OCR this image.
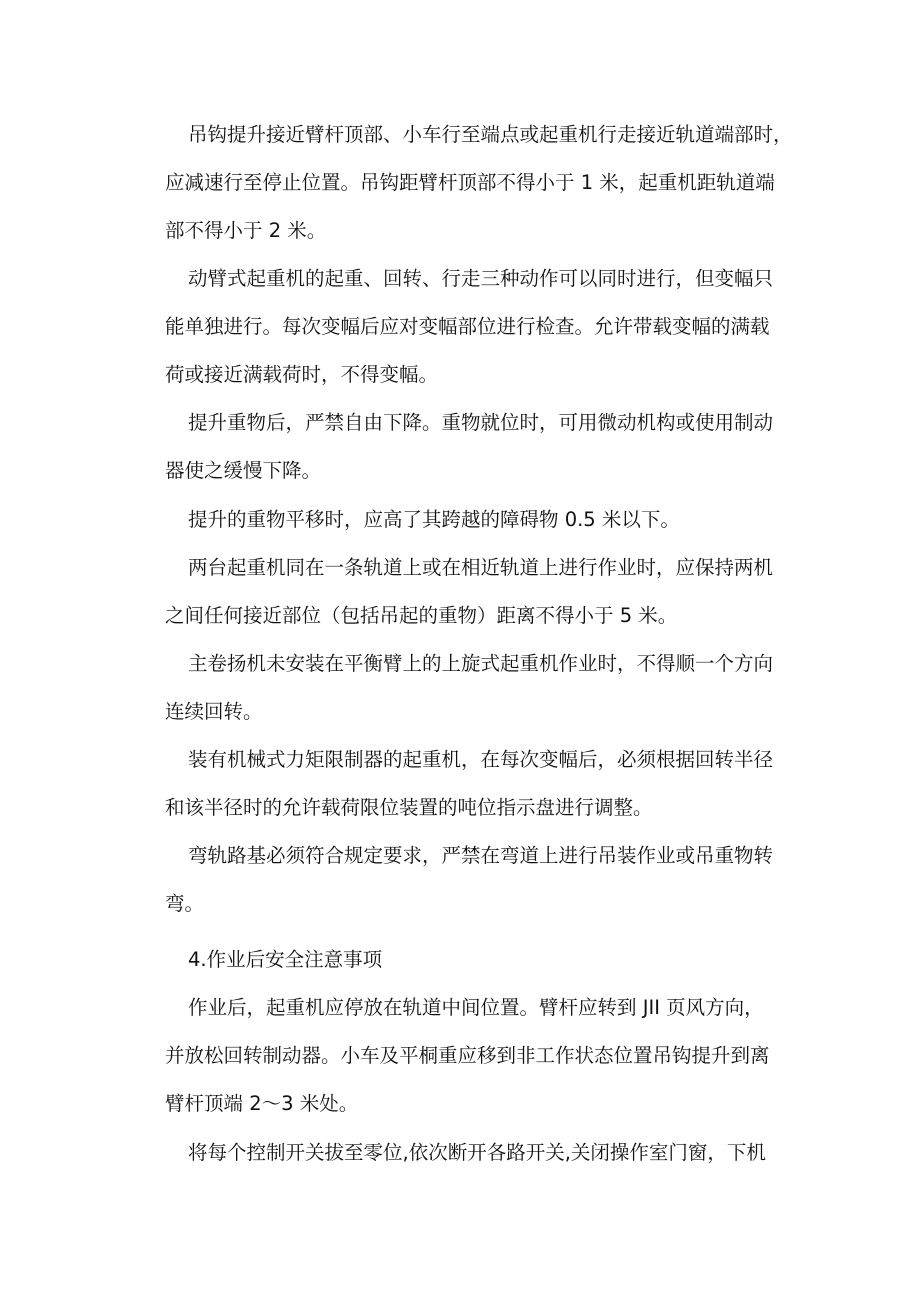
吊钩提升接近臂杆顶部、小车行至端点或起重机行走接近轨道端部时，

应减速行至停止位置。吊钩距臂杆顶部不得小于 1 米，起重机距轨道端

部不得小于 2 米。

动臂式起重机的起重、回转、行走三种动作可以同时进行，但变幅只

能单独进行。每次变幅后应对变幅部位进行检查。允许带载变幅的满载

荷或接近满载荷时，不得变幅。

提升重物后，严禁自由下降。重物就位时，可用微动机构或使用制动

器使之缓慢下降。

提升的重物平移时，应高了其跨越的障碍物 0.5 米以下。

两台起重机同在一条轨道上或在相近轨道上进行作业时，应保持两机

之间任何接近部位（包括吊起的重物）距离不得小于 5 米。

主卷扬机未安装在平衡臂上的上旋式起重机作业时，不得顺一个方向

连续回转。

装有机械式力矩限制器的起重机，在每次变幅后，必须根据回转半径

和该半径时的允许载荷限位装置的吨位指示盘进行调整。

弯轨路基必须符合规定要求，严禁在弯道上进行吊装作业或吊重物转

弯。

4.作业后安全注意事项

作业后，起重机应停放在轨道中间位置。臂杆应转到 JII 页风方向，

并放松回转制动器。小车及平桐重应移到非工作状态位置吊钩提升到离

臂杆顶端 2～3 米处。

将每个控制开关拔至零位,依次断开各路开关,关闭操作室门窗，下机
